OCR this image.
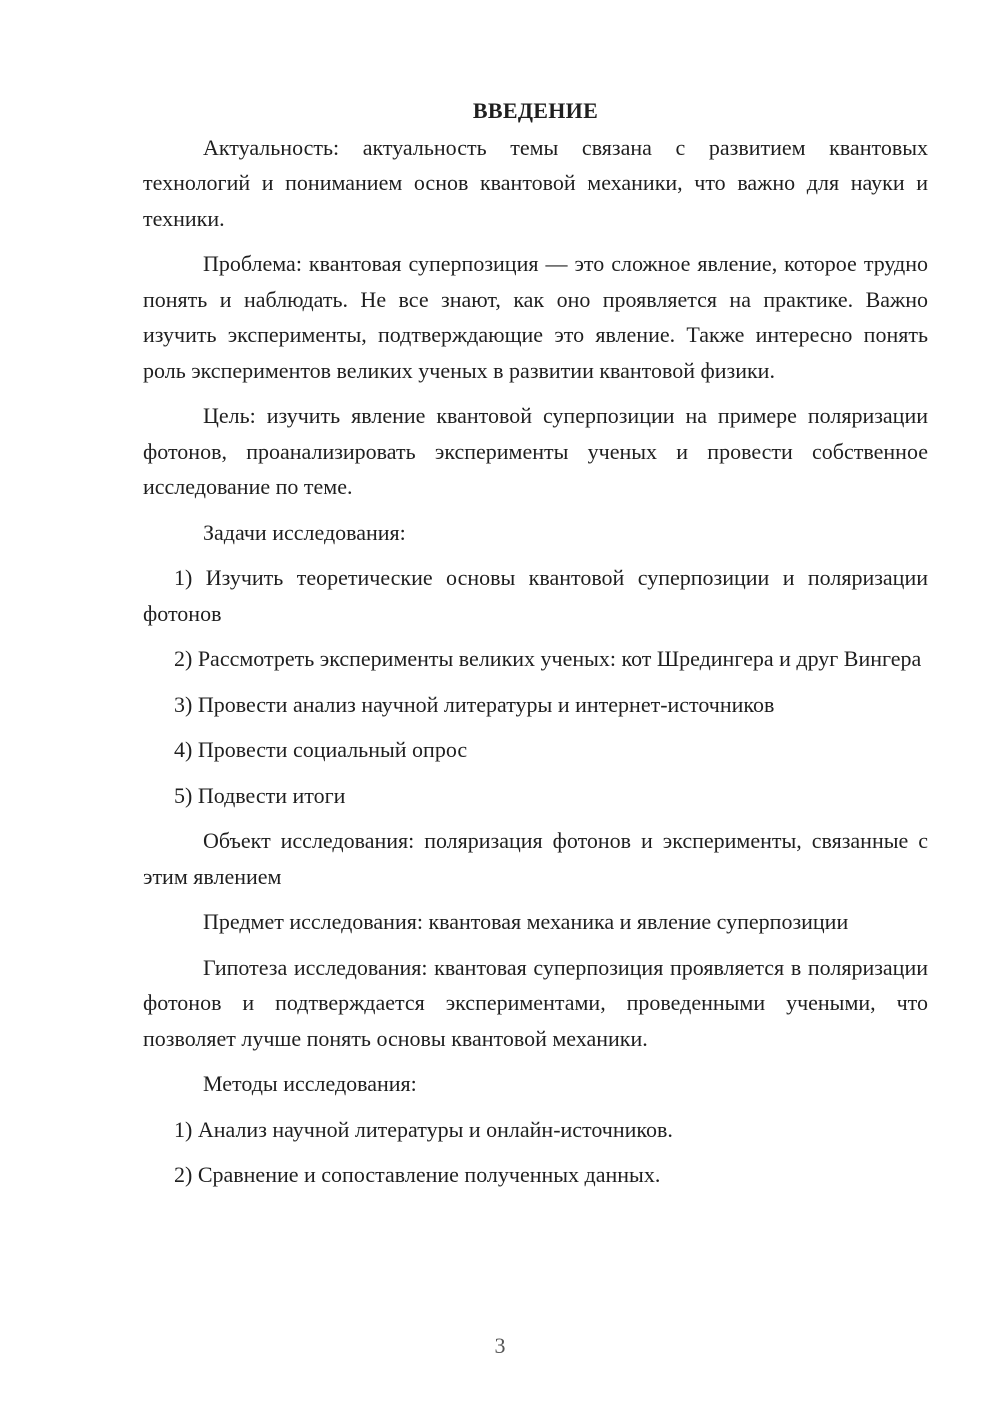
ВВЕДЕНИЕ

Актуальность: актуальность темы связана с развитием квантовых технологий и пониманием основ квантовой механики, что важно для науки и техники.

Проблема: квантовая суперпозиция — это сложное явление, которое трудно понять и наблюдать. Не все знают, как оно проявляется на практике. Важно изучить эксперименты, подтверждающие это явление. Также интересно понять роль экспериментов великих ученых в развитии квантовой физики.

Цель: изучить явление квантовой суперпозиции на примере поляризации фотонов, проанализировать эксперименты ученых и провести собственное исследование по теме.

Задачи исследования:

1) Изучить теоретические основы квантовой суперпозиции и поляризации фотонов

2) Рассмотреть эксперименты великих ученых: кот Шредингера и друг Вингера

3) Провести анализ научной литературы и интернет-источников

4) Провести социальный опрос

5) Подвести итоги

Объект исследования: поляризация фотонов и эксперименты, связанные с этим явлением

Предмет исследования: квантовая механика и явление суперпозиции

Гипотеза исследования: квантовая суперпозиция проявляется в поляризации фотонов и подтверждается экспериментами, проведенными учеными, что позволяет лучше понять основы квантовой механики.

Методы исследования:

1) Анализ научной литературы и онлайн-источников.

2) Сравнение и сопоставление полученных данных.

3
